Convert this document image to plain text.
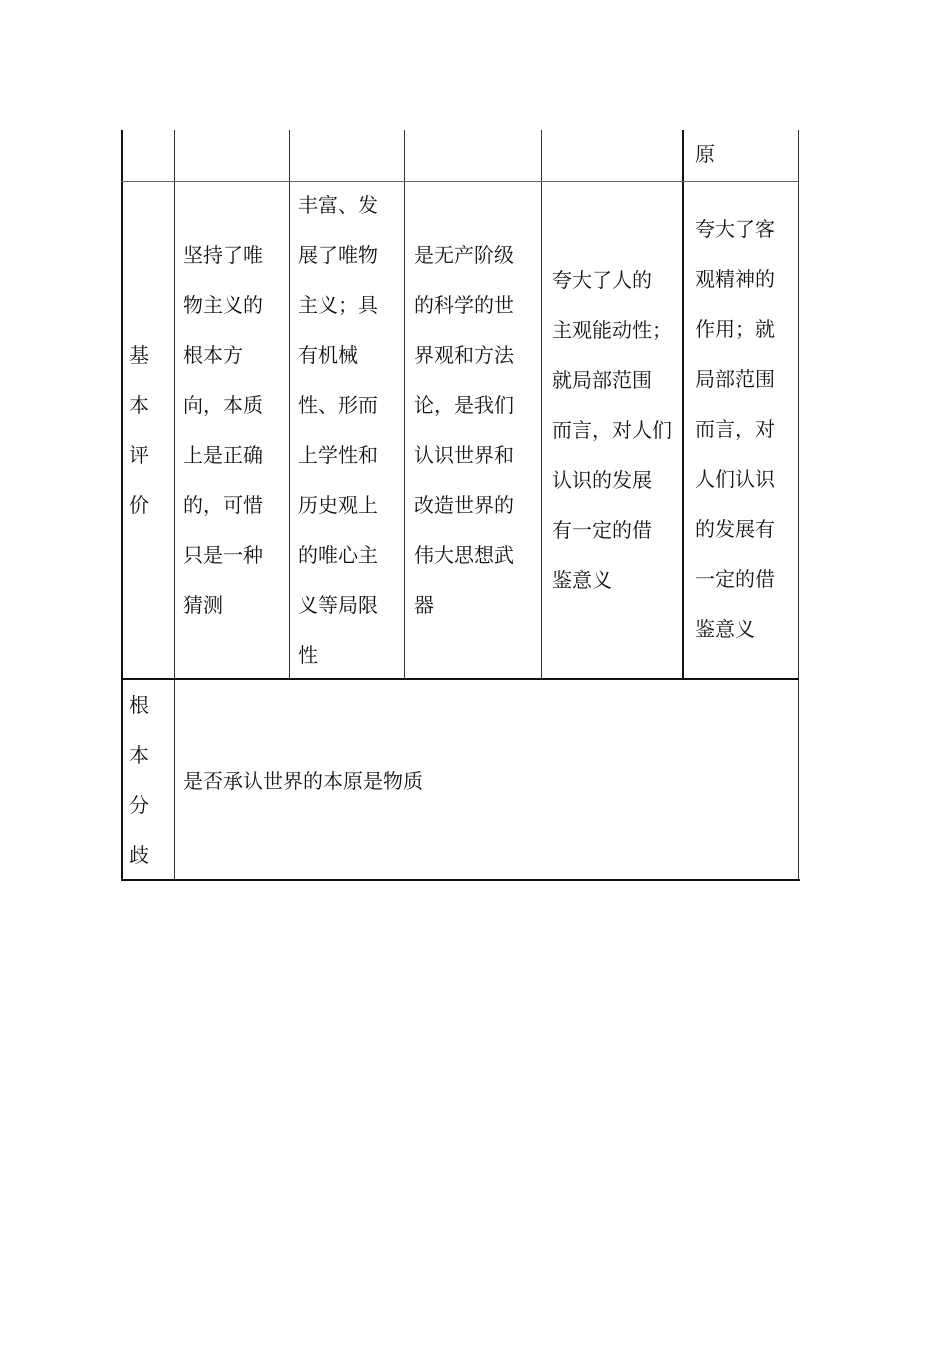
原

基
本
评
价

坚持了唯
物主义的
根本方
向，本质
上是正确
的，可惜
只是一种
猜测

丰富、发
展了唯物
主义；具
有机械
性、形而
上学性和
历史观上
的唯心主
义等局限
性

是无产阶级
的科学的世
界观和方法
论，是我们
认识世界和
改造世界的
伟大思想武
器

夸大了人的
主观能动性；
就局部范围
而言，对人们
认识的发展
有一定的借
鉴意义

夸大了客
观精神的
作用；就
局部范围
而言，对
人们认识
的发展有
一定的借
鉴意义

根
本
分
歧

是否承认世界的本原是物质
